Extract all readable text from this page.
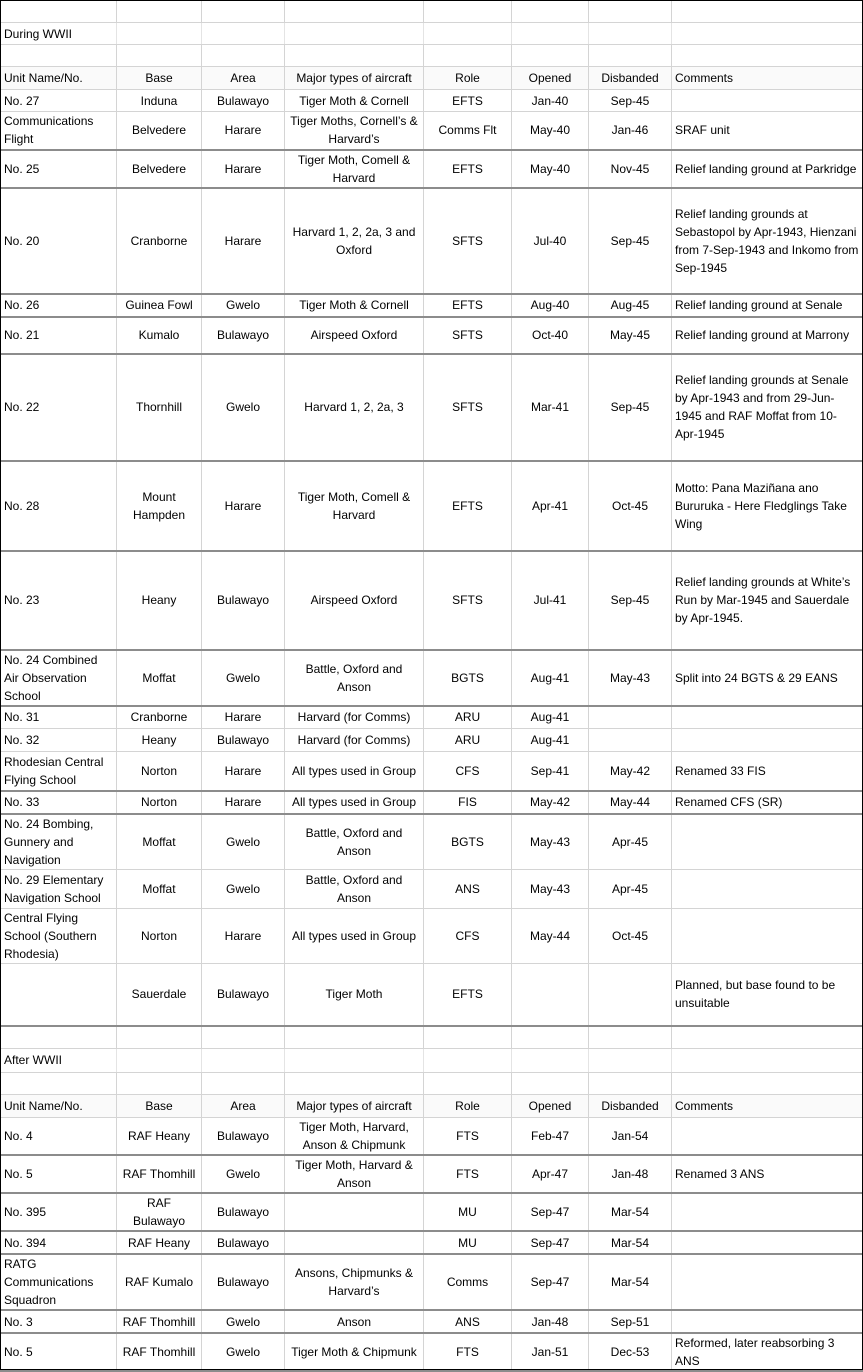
During WWII							

Unit Name/No.	Base	Area	Major types of aircraft	Role	Opened	Disbanded	Comments
No. 27	Induna	Bulawayo	Tiger Moth & Cornell	EFTS	Jan-40	Sep-45	
Communications Flight	Belvedere	Harare	Tiger Moths, Cornell’s & Harvard’s	Comms Flt	May-40	Jan-46	SRAF unit
No. 25	Belvedere	Harare	Tiger Moth, Comell & Harvard	EFTS	May-40	Nov-45	Relief landing ground at Parkridge
No. 20	Cranborne	Harare	Harvard 1, 2, 2a, 3 and Oxford	SFTS	Jul-40	Sep-45	Relief landing grounds at Sebastopol by Apr-1943, Hienzani from 7-Sep-1943 and Inkomo from Sep-1945
No. 26	Guinea Fowl	Gwelo	Tiger Moth & Cornell	EFTS	Aug-40	Aug-45	Relief landing ground at Senale
No. 21	Kumalo	Bulawayo	Airspeed Oxford	SFTS	Oct-40	May-45	Relief landing ground at Marrony
No. 22	Thornhill	Gwelo	Harvard 1, 2, 2a, 3	SFTS	Mar-41	Sep-45	Relief landing grounds at Senale by Apr-1943 and from 29-Jun-1945 and RAF Moffat from 10-Apr-1945
No. 28	Mount Hampden	Harare	Tiger Moth, Comell & Harvard	EFTS	Apr-41	Oct-45	Motto: Pana Maziñana ano Bururuka - Here Fledglings Take Wing
No. 23	Heany	Bulawayo	Airspeed Oxford	SFTS	Jul-41	Sep-45	Relief landing grounds at White’s Run by Mar-1945 and Sauerdale by Apr-1945.
No. 24 Combined Air Observation School	Moffat	Gwelo	Battle, Oxford and Anson	BGTS	Aug-41	May-43	Split into 24 BGTS & 29 EANS
No. 31	Cranborne	Harare	Harvard (for Comms)	ARU	Aug-41		
No. 32	Heany	Bulawayo	Harvard (for Comms)	ARU	Aug-41		
Rhodesian Central Flying School	Norton	Harare	All types used in Group	CFS	Sep-41	May-42	Renamed 33 FIS
No. 33	Norton	Harare	All types used in Group	FIS	May-42	May-44	Renamed CFS (SR)
No. 24 Bombing, Gunnery and Navigation	Moffat	Gwelo	Battle, Oxford and Anson	BGTS	May-43	Apr-45	
No. 29 Elementary Navigation School	Moffat	Gwelo	Battle, Oxford and Anson	ANS	May-43	Apr-45	
Central Flying School (Southern Rhodesia)	Norton	Harare	All types used in Group	CFS	May-44	Oct-45	
	Sauerdale	Bulawayo	Tiger Moth	EFTS			Planned, but base found to be unsuitable

After WWII							

Unit Name/No.	Base	Area	Major types of aircraft	Role	Opened	Disbanded	Comments
No. 4	RAF Heany	Bulawayo	Tiger Moth, Harvard, Anson & Chipmunk	FTS	Feb-47	Jan-54	
No. 5	RAF Thomhill	Gwelo	Tiger Moth, Harvard & Anson	FTS	Apr-47	Jan-48	Renamed 3 ANS
No. 395	RAF Bulawayo	Bulawayo		MU	Sep-47	Mar-54	
No. 394	RAF Heany	Bulawayo		MU	Sep-47	Mar-54	
RATG Communications Squadron	RAF Kumalo	Bulawayo	Ansons, Chipmunks & Harvard’s	Comms	Sep-47	Mar-54	
No. 3	RAF Thomhill	Gwelo	Anson	ANS	Jan-48	Sep-51	
No. 5	RAF Thomhill	Gwelo	Tiger Moth & Chipmunk	FTS	Jan-51	Dec-53	Reformed, later reabsorbing 3 ANS
